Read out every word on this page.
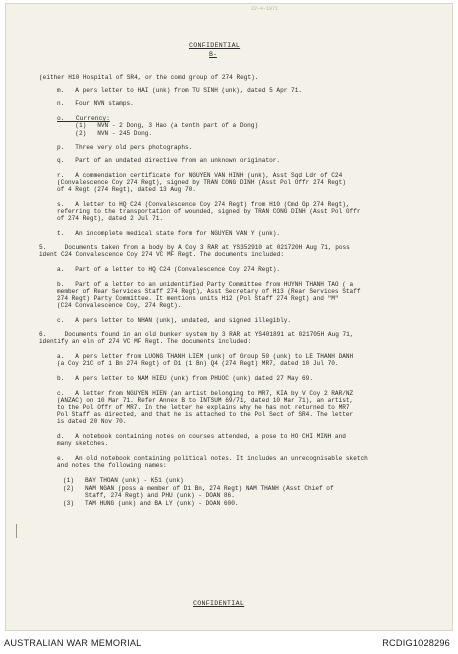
22-4-1971
CONFIDENTIAL
B-
(either H10 Hospital of SR4, or the comd group of 274 Regt).
m.   A pers letter to HAI (unk) from TU SINH (unk), dated 5 Apr 71.
n.   Four NVN stamps.
o.   Currency:
(1)   NVN - 2 Dong, 3 Hao (a tenth part of a Dong)
(2)   NVN - 245 Dong.
p.   Three very old pers photographs.
q.   Part of an undated directive from an unknown originator.
r.   A commendation certificate for NGUYEN VAN HINH (unk), Asst Sqd Ldr of C24
(Convalescence Coy 274 Regt), signed by TRAN CONG DINH (Asst Pol Offr 274 Regt)
of 4 Regt (274 Regt), dated 13 Aug 70.
s.   A letter to HQ C24 (Convalescence Coy 274 Regt) from H10 (Cmd Gp 274 Regt),
referring to the transportation of wounded, signed by TRAN CONG DINH (Asst Pol Offr
of 274 Regt), dated 2 Jul 71.
t.   An incomplete medical state form for NGUYEN VAN Y (unk).
5.     Documents taken from a body by A Coy 3 RAR at YS352910 at 021720H Aug 71, poss
ident C24 Convalescence Coy 274 VC MF Regt. The documents included:
a.   Part of a letter to HQ C24 (Convalescence Coy 274 Regt).
b.   Part of a letter to an unidentified Party Committee from HUYNH THANH TAO ( a
member of Rear Services Staff 274 Regt), Asst Secretary of H13 (Rear Services Staff
274 Regt) Party Committee. It mentions units H12 (Pol Staff 274 Regt) and "M"
(C24 Convalescence Coy, 274 Regt).
c.   A pers letter to NHAN (unk), undated, and signed illegibly.
6.     Documents found in an old bunker system by 3 RAR at YS401891 at 021705H Aug 71,
identify an eln of 274 VC MF Regt. The documents included:
a.   A pers letter from LUONG THANH LIEM (unk) of Group 50 (unk) to LE THANH DANH
(a Coy 21C of 1 Bn 274 Regt) of D1 (1 Bn) Q4 (274 Regt) MR7, dated 10 Jul 70.
b.   A pers letter to NAM HIEU (unk) from PHUOC (unk) dated 27 May 69.
c.   A letter from NGUYEN HIEN (an artist belonging to MR7, KIA by V Coy 2 RAR/NZ
(ANZAC) on 10 Mar 71. Refer Annex B to INTSUM 69/71, dated 10 Mar 71), an artist,
to the Pol Offr of MR7. In the letter he explains why he has not returned to MR7
Pol Staff as directed, and that he is attached to the Pol Sect of SR4. The letter
is dated 20 Nov 70.
d.   A notebook containing notes on courses attended, a pose to HO CHI MINH and
many sketches.
e.   An old notebook containing political notes. It includes an unrecognisable sketch
and notes the following names:
(1)   BAY THOAN (unk) - K51 (unk)
(2)   NAM NGAN (poss a member of D1 Bn, 274 Regt) NAM THANH (Asst Chief of
Staff, 274 Regt) and PHU (unk) - DOAN 86.
(3)   TAM HUNG (unk) and BA LY (unk) - DOAN 600.
CONFIDENTIAL
AUSTRALIAN WAR MEMORIAL	RCDIG1028296
